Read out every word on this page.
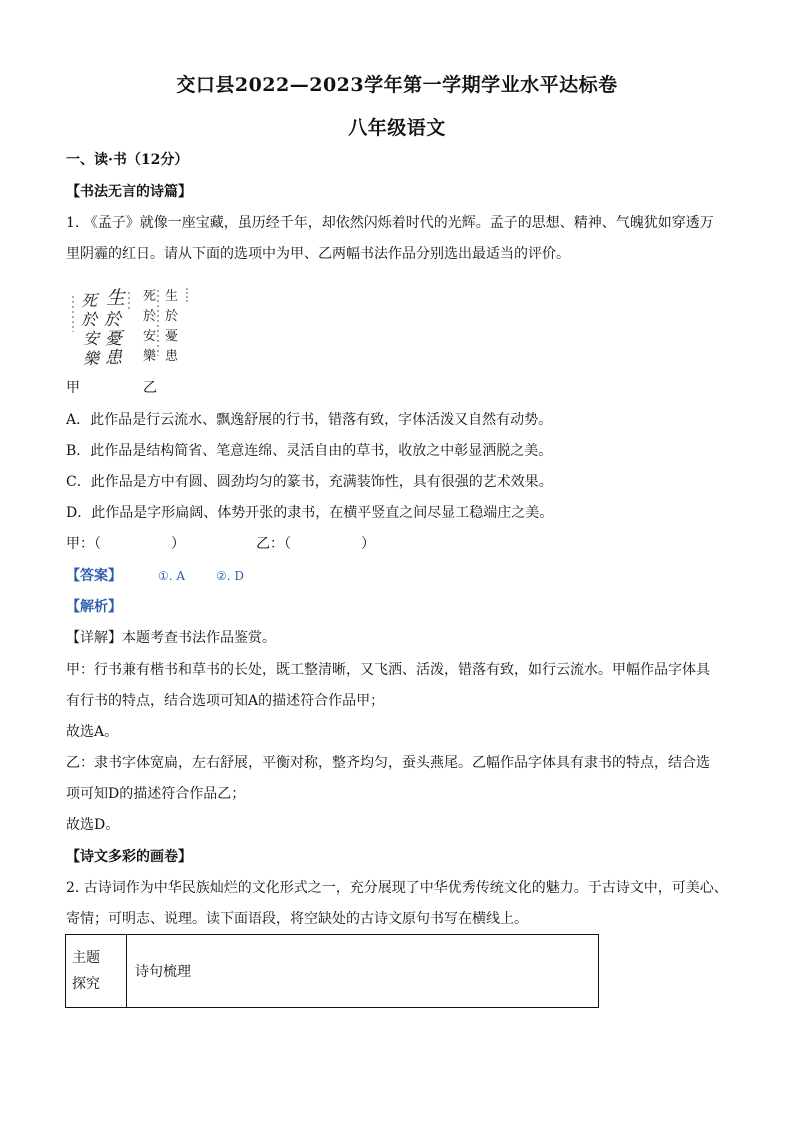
交口县2022—2023学年第一学期学业水平达标卷
八年级语文
一、读·书（12分）
【书法无言的诗篇】
1. 《孟子》就像一座宝藏，虽历经千年，却依然闪烁着时代的光辉。孟子的思想、精神、气魄犹如穿透万
里阴霾的红日。请从下面的选项中为甲、乙两幅书法作品分别选出最适当的评价。
生
於
憂
患
死
於
安
樂
生
於
憂
患
死
於
安
樂
甲	乙
A．此作品是行云流水、飘逸舒展的行书，错落有致，字体活泼又自然有动势。
B．此作品是结构简省、笔意连绵、灵活自由的草书，收放之中彰显洒脱之美。
C．此作品是方中有圆、圆劲均匀的篆书，充满装饰性，具有很强的艺术效果。
D．此作品是字形扁阔、体势开张的隶书，在横平竖直之间尽显工稳端庄之美。
甲：（　　　　　）	乙：（　　　　　）
【答案】	①. A	②. D
【解析】
【详解】本题考查书法作品鉴赏。
甲：行书兼有楷书和草书的长处，既工整清晰，又飞洒、活泼，错落有致，如行云流水。甲幅作品字体具
有行书的特点，结合选项可知A的描述符合作品甲；
故选A。
乙：隶书字体宽扁，左右舒展，平衡对称，整齐均匀，蚕头燕尾。乙幅作品字体具有隶书的特点，结合选
项可知D的描述符合作品乙；
故选D。
【诗文多彩的画卷】
2. 古诗词作为中华民族灿烂的文化形式之一，充分展现了中华优秀传统文化的魅力。于古诗文中，可美心、
寄情；可明志、说理。读下面语段，将空缺处的古诗文原句书写在横线上。
主题
探究
	诗句梳理
